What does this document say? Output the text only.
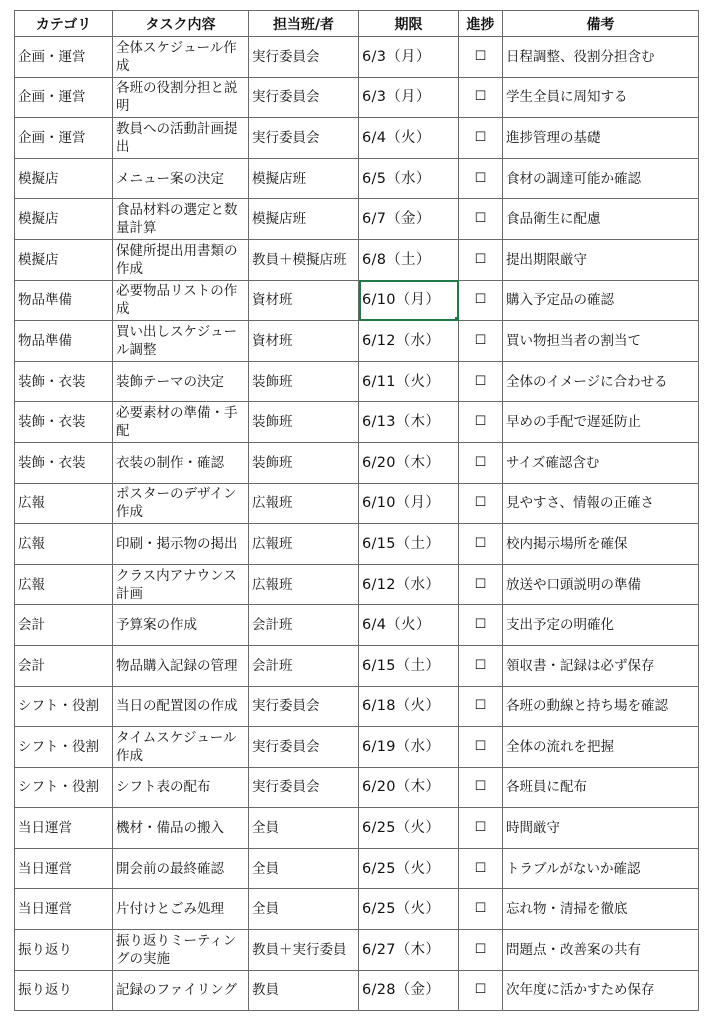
カテゴリ	タスク内容	担当班/者	期限	進捗	備考

企画・運営	全体スケジュール作成	実行委員会	6/3（月）	☐	日程調整、役割分担含む

企画・運営	各班の役割分担と説明	実行委員会	6/3（月）	☐	学生全員に周知する

企画・運営	教員への活動計画提出	実行委員会	6/4（火）	☐	進捗管理の基礎

模擬店	メニュー案の決定	模擬店班	6/5（水）	☐	食材の調達可能か確認

模擬店	食品材料の選定と数量計算	模擬店班	6/7（金）	☐	食品衛生に配慮

模擬店	保健所提出用書類の作成	教員＋模擬店班	6/8（土）	☐	提出期限厳守

物品準備	必要物品リストの作成	資材班	6/10（月）	☐	購入予定品の確認

物品準備	買い出しスケジュール調整	資材班	6/12（水）	☐	買い物担当者の割当て

装飾・衣装	装飾テーマの決定	装飾班	6/11（火）	☐	全体のイメージに合わせる

装飾・衣装	必要素材の準備・手配	装飾班	6/13（木）	☐	早めの手配で遅延防止

装飾・衣装	衣装の制作・確認	装飾班	6/20（木）	☐	サイズ確認含む

広報	ポスターのデザイン作成	広報班	6/10（月）	☐	見やすさ、情報の正確さ

広報	印刷・掲示物の掲出	広報班	6/15（土）	☐	校内掲示場所を確保

広報	クラス内アナウンス計画	広報班	6/12（水）	☐	放送や口頭説明の準備

会計	予算案の作成	会計班	6/4（火）	☐	支出予定の明確化

会計	物品購入記録の管理	会計班	6/15（土）	☐	領収書・記録は必ず保存

シフト・役割	当日の配置図の作成	実行委員会	6/18（火）	☐	各班の動線と持ち場を確認

シフト・役割	タイムスケジュール作成	実行委員会	6/19（水）	☐	全体の流れを把握

シフト・役割	シフト表の配布	実行委員会	6/20（木）	☐	各班員に配布

当日運営	機材・備品の搬入	全員	6/25（火）	☐	時間厳守

当日運営	開会前の最終確認	全員	6/25（火）	☐	トラブルがないか確認

当日運営	片付けとごみ処理	全員	6/25（火）	☐	忘れ物・清掃を徹底

振り返り	振り返りミーティングの実施	教員＋実行委員	6/27（木）	☐	問題点・改善案の共有

振り返り	記録のファイリング	教員	6/28（金）	☐	次年度に活かすため保存
